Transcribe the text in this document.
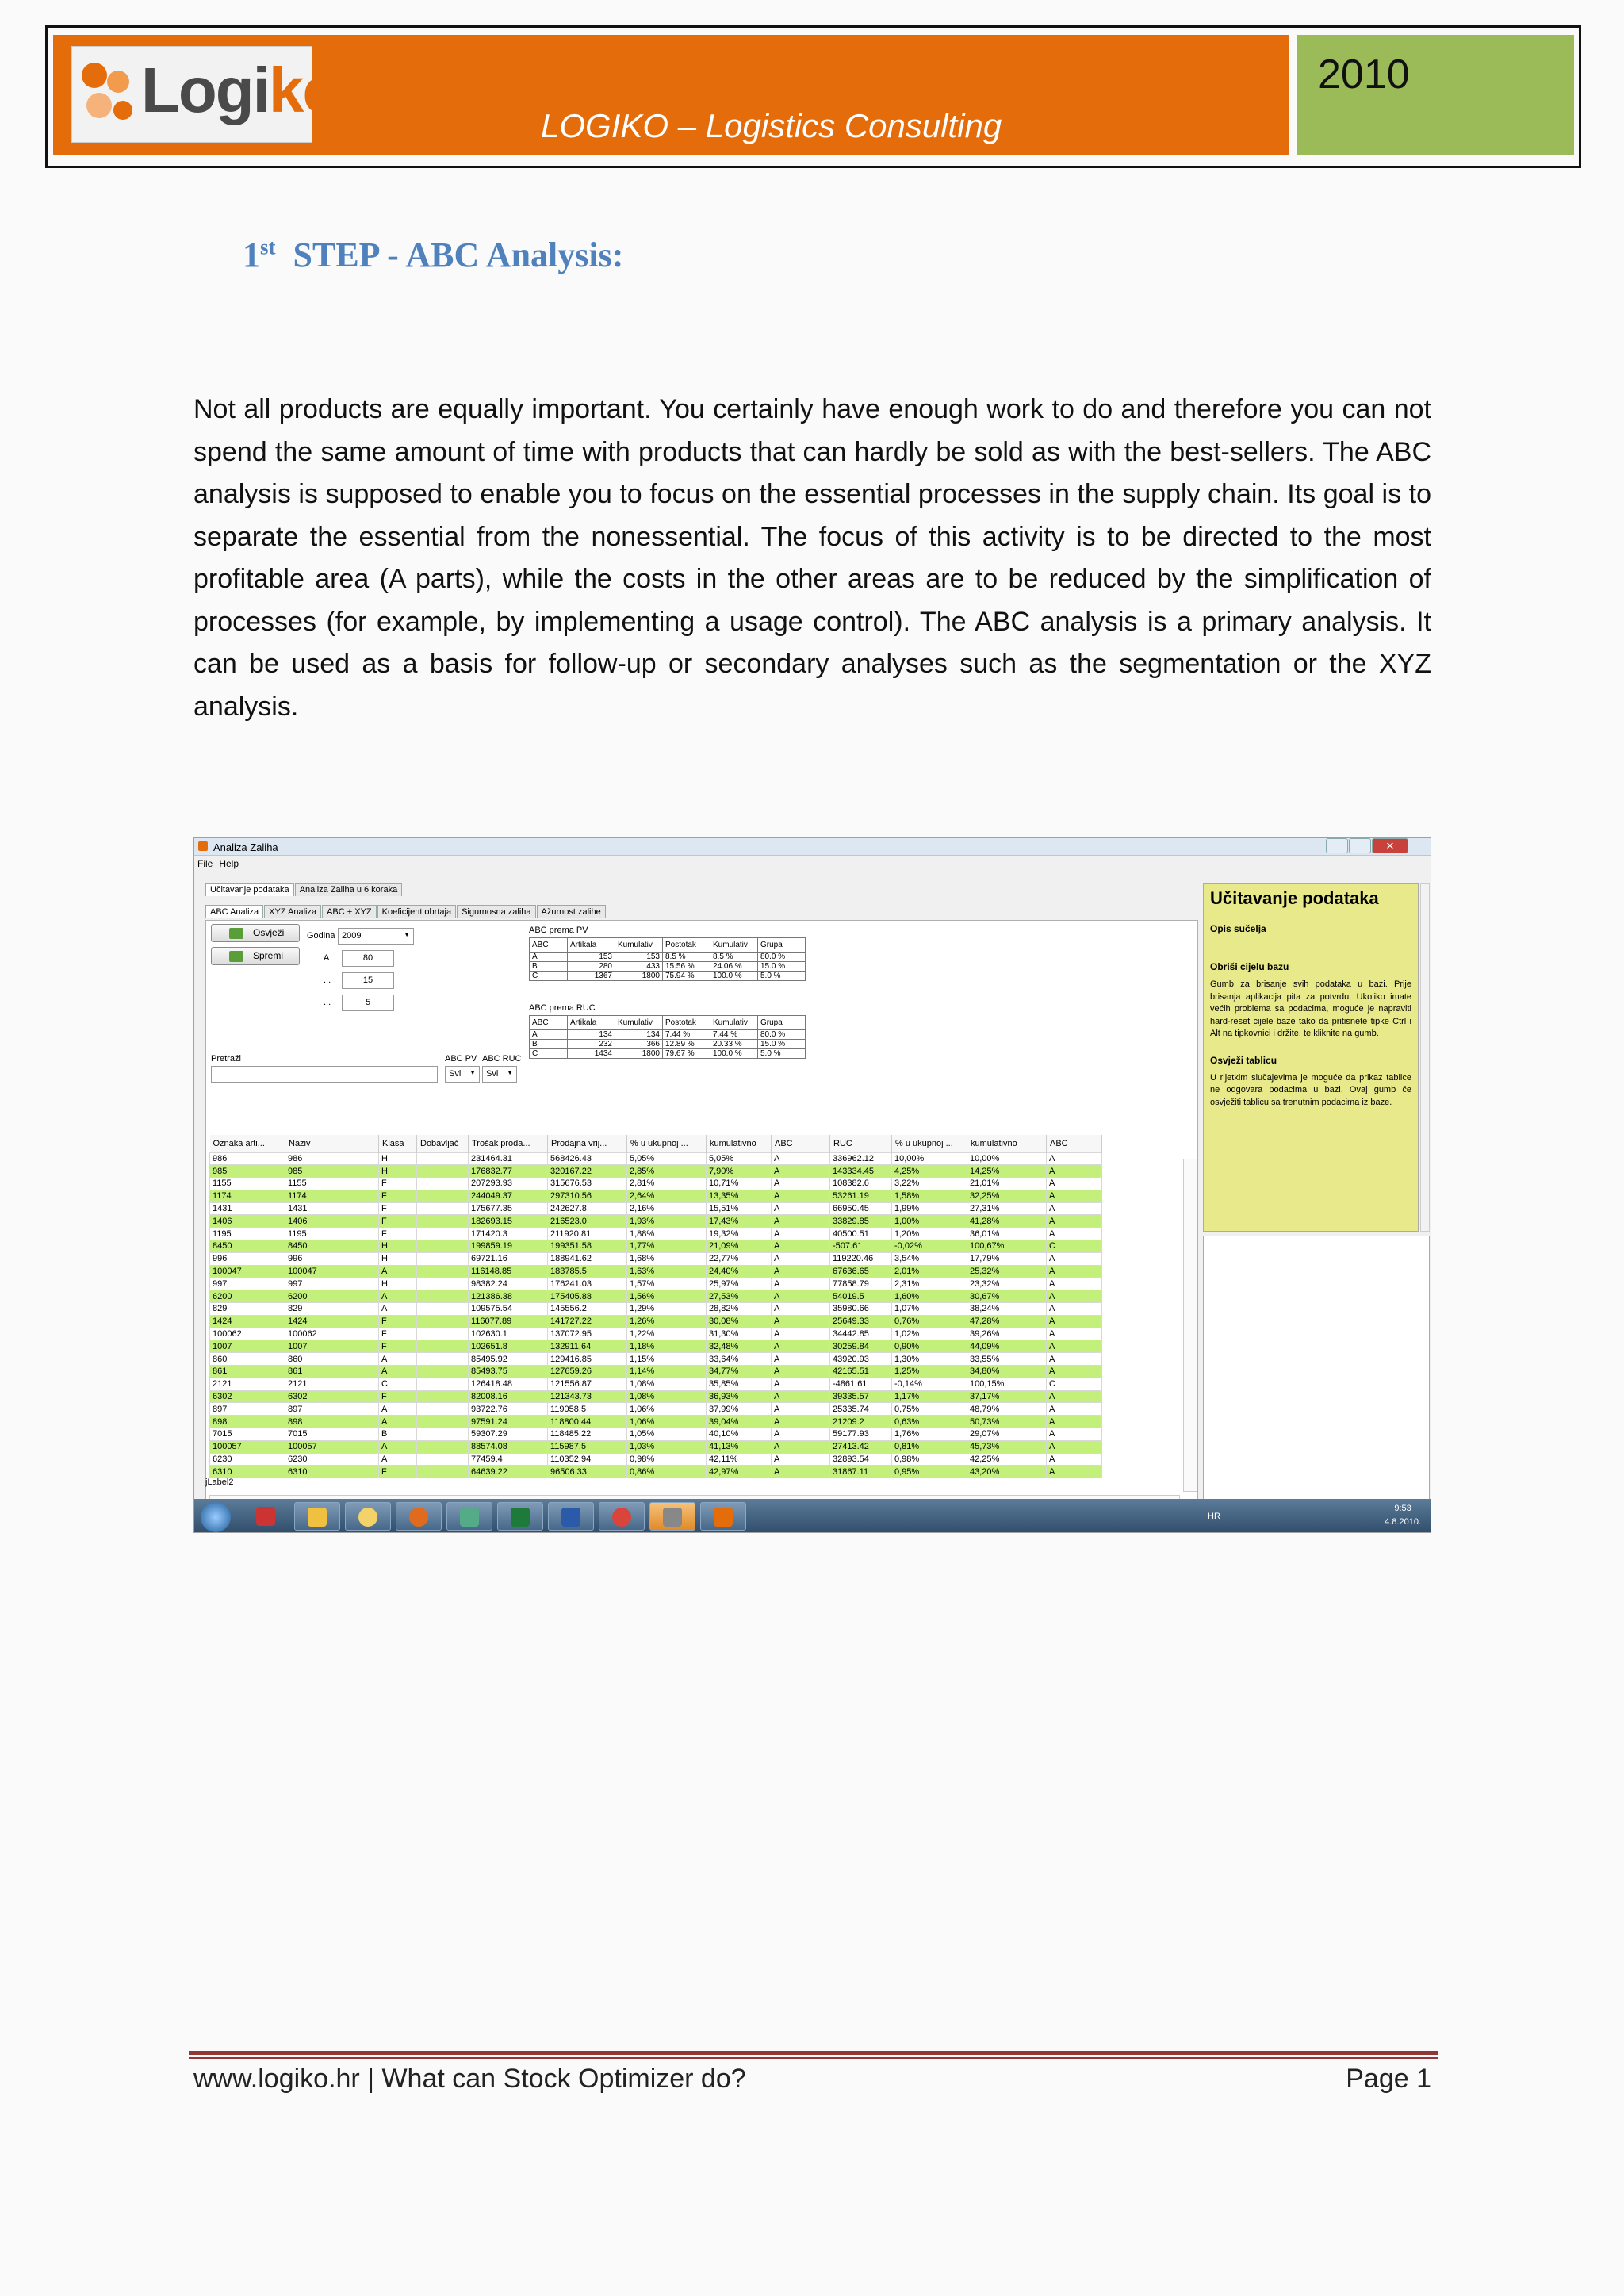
2010
Logikc
LOGIKO – Logistics Consulting
1st STEP - ABC Analysis:
Not all products are equally important. You certainly have enough work to do and therefore you can not spend the same amount of time with products that can hardly be sold as with the best-sellers. The ABC analysis is supposed to enable you to focus on the essential processes in the supply chain. Its goal is to separate the essential from the nonessential. The focus of this activity is to be directed to the most profitable area (A parts), while the costs in the other areas are to be reduced by the simplification of processes (for example, by implementing a usage control). The ABC analysis is a primary analysis. It can be used as a basis for follow-up or secondary analyses such as the segmentation or the XYZ analysis.
Analiza Zaliha	✕
File Help
Učitavanje podataka Analiza Zaliha u 6 koraka
ABC Analiza XYZ Analiza ABC + XYZ Koeficijent obrtaja Sigurnosna zaliha Ažurnost zalihe
Osvježi
Spremi
Godina 2009 ▼
A	80
...	15
...	5
Pretraži	ABC PV ABC RUC
Svi ▼	Svi ▼
ABC prema PV
ABC	Artikala	Kumulativ	Postotak	Kumulativ	Grupa
A	153	153	8.5 %	8.5 %	80.0 %
B	280	433	15.56 %	24.06 %	15.0 %
C	1367	1800	75.94 %	100.0 %	5.0 %
ABC prema RUC
ABC	Artikala	Kumulativ	Postotak	Kumulativ	Grupa
A	134	134	7.44 %	7.44 %	80.0 %
B	232	366	12.89 %	20.33 %	15.0 %
C	1434	1800	79.67 %	100.0 %	5.0 %
Oznaka arti...	Naziv	Klasa	Dobavljač	Trošak proda...	Prodajna vrij...	% u ukupnoj ...	kumulativno	ABC	RUC	% u ukupnoj ...	kumulativno	ABC
986	986	H		231464.31	568426.43	5,05%	5,05%	A	336962.12	10,00%	10,00%	A
985	985	H		176832.77	320167.22	2,85%	7,90%	A	143334.45	4,25%	14,25%	A
1155	1155	F		207293.93	315676.53	2,81%	10,71%	A	108382.6	3,22%	21,01%	A
1174	1174	F		244049.37	297310.56	2,64%	13,35%	A	53261.19	1,58%	32,25%	A
1431	1431	F		175677.35	242627.8	2,16%	15,51%	A	66950.45	1,99%	27,31%	A
1406	1406	F		182693.15	216523.0	1,93%	17,43%	A	33829.85	1,00%	41,28%	A
1195	1195	F		171420.3	211920.81	1,88%	19,32%	A	40500.51	1,20%	36,01%	A
8450	8450	H		199859.19	199351.58	1,77%	21,09%	A	-507.61	-0,02%	100,67%	C
996	996	H		69721.16	188941.62	1,68%	22,77%	A	119220.46	3,54%	17,79%	A
100047	100047	A		116148.85	183785.5	1,63%	24,40%	A	67636.65	2,01%	25,32%	A
997	997	H		98382.24	176241.03	1,57%	25,97%	A	77858.79	2,31%	23,32%	A
6200	6200	A		121386.38	175405.88	1,56%	27,53%	A	54019.5	1,60%	30,67%	A
829	829	A		109575.54	145556.2	1,29%	28,82%	A	35980.66	1,07%	38,24%	A
1424	1424	F		116077.89	141727.22	1,26%	30,08%	A	25649.33	0,76%	47,28%	A
100062	100062	F		102630.1	137072.95	1,22%	31,30%	A	34442.85	1,02%	39,26%	A
1007	1007	F		102651.8	132911.64	1,18%	32,48%	A	30259.84	0,90%	44,09%	A
860	860	A		85495.92	129416.85	1,15%	33,64%	A	43920.93	1,30%	33,55%	A
861	861	A		85493.75	127659.26	1,14%	34,77%	A	42165.51	1,25%	34,80%	A
2121	2121	C		126418.48	121556.87	1,08%	35,85%	A	-4861.61	-0,14%	100,15%	C
6302	6302	F		82008.16	121343.73	1,08%	36,93%	A	39335.57	1,17%	37,17%	A
897	897	A		93722.76	119058.5	1,06%	37,99%	A	25335.74	0,75%	48,79%	A
898	898	A		97591.24	118800.44	1,06%	39,04%	A	21209.2	0,63%	50,73%	A
7015	7015	B		59307.29	118485.22	1,05%	40,10%	A	59177.93	1,76%	29,07%	A
100057	100057	A		88574.08	115987.5	1,03%	41,13%	A	27413.42	0,81%	45,73%	A
6230	6230	A		77459.4	110352.94	0,98%	42,11%	A	32893.54	0,98%	42,25%	A
6310	6310	F		64639.22	96506.33	0,86%	42,97%	A	31867.11	0,95%	43,20%	A
Učitavanje podataka
Opis sučelja
Obriši cijelu bazu

Gumb za brisanje svih podataka u bazi. Prije brisanja aplikacija pita za potvrdu. Ukoliko imate većih problema sa podacima, moguće je napraviti hard-reset cijele baze tako da pritisnete tipke Ctrl i Alt na tipkovnici i držite, te kliknite na gumb.

Osvježi tablicu

U rijetkim slučajevima je moguće da prikaz tablice ne odgovara podacima u bazi. Ovaj gumb će osvježiti tablicu sa trenutnim podacima iz baze.

jLabel2
HR
9:53
4.8.2010.
www.logiko.hr | What can Stock Optimizer do?	Page 1
